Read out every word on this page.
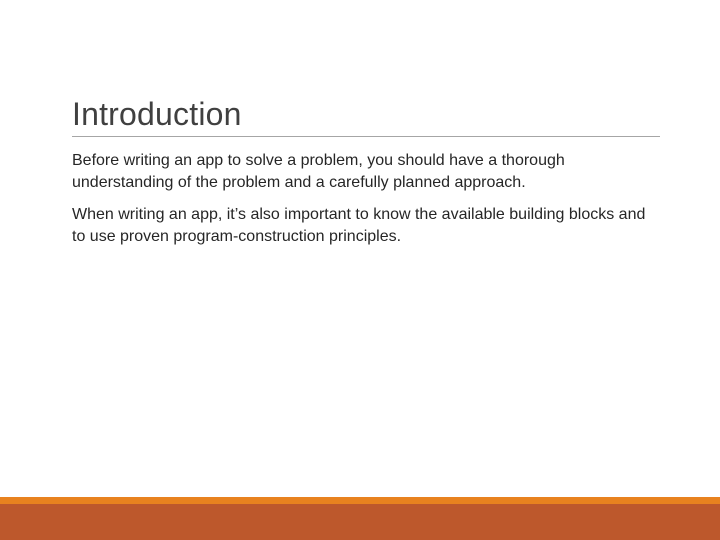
Introduction

Before writing an app to solve a problem, you should have a thorough understanding of the problem and a carefully planned approach.

When writing an app, it’s also important to know the available building blocks and to use proven program-construction principles.
